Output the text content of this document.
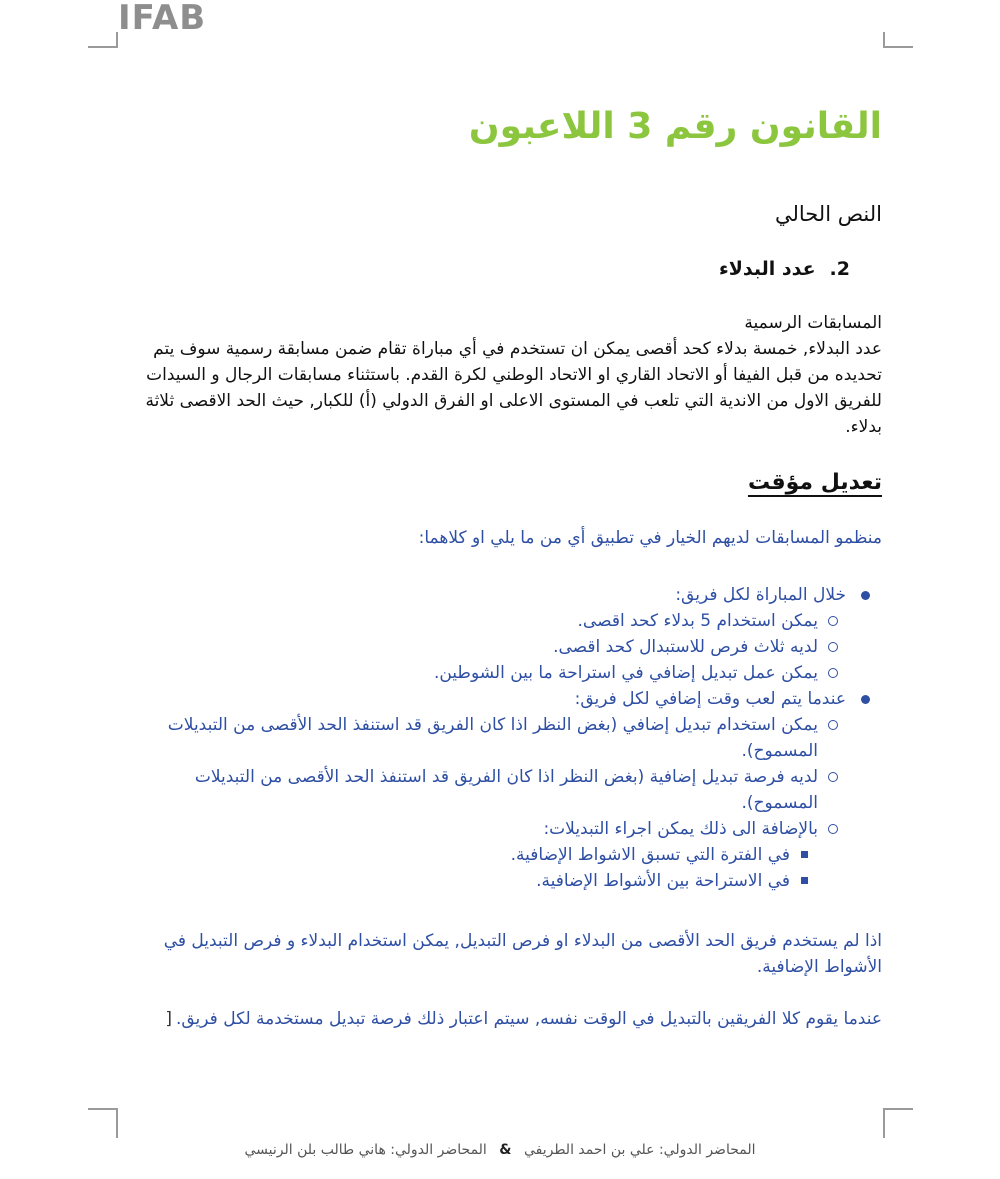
IFAB
القانون رقم 3 اللاعبون
النص الحالي
2.عدد البدلاء

المسابقات الرسمية

عدد البدلاء, خمسة بدلاء كحد أقصى يمكن ان تستخدم في أي مباراة تقام ضمن مسابقة رسمية سوف يتم تحديده من قبل الفيفا أو الاتحاد القاري او الاتحاد الوطني لكرة القدم. باستثناء مسابقات الرجال و السيدات للفريق الاول من الاندية التي تلعب في المستوى الاعلى او الفرق الدولي (أ) للكبار, حيث الحد الاقصى ثلاثة بدلاء.

تعديل مؤقت
منظمو المسابقات لديهم الخيار في تطبيق أي من ما يلي او كلاهما:
خلال المباراة لكل فريق:
يمكن استخدام 5 بدلاء كحد اقصى.
لديه ثلاث فرص للاستبدال كحد اقصى.
يمكن عمل تبديل إضافي في استراحة ما بين الشوطين.
عندما يتم لعب وقت إضافي لكل فريق:
يمكن استخدام تبديل إضافي (بغض النظر اذا كان الفريق قد استنفذ الحد الأقصى من التبديلات المسموح).
لديه فرصة تبديل إضافية (بغض النظر اذا كان الفريق قد استنفذ الحد الأقصى من التبديلات المسموح).
بالإضافة الى ذلك يمكن اجراء التبديلات:
في الفترة التي تسبق الاشواط الإضافية.
في الاستراحة بين الأشواط الإضافية.
اذا لم يستخدم فريق الحد الأقصى من البدلاء او فرص التبديل, يمكن استخدام البدلاء و فرص التبديل في الأشواط الإضافية.
عندما يقوم كلا الفريقين بالتبديل في الوقت نفسه, سيتم اعتبار ذلك فرصة تبديل مستخدمة لكل فريق.[
المحاضر الدولي: علي بن احمد الطريفي & المحاضر الدولي: هاني طالب بلن الرنيسي
